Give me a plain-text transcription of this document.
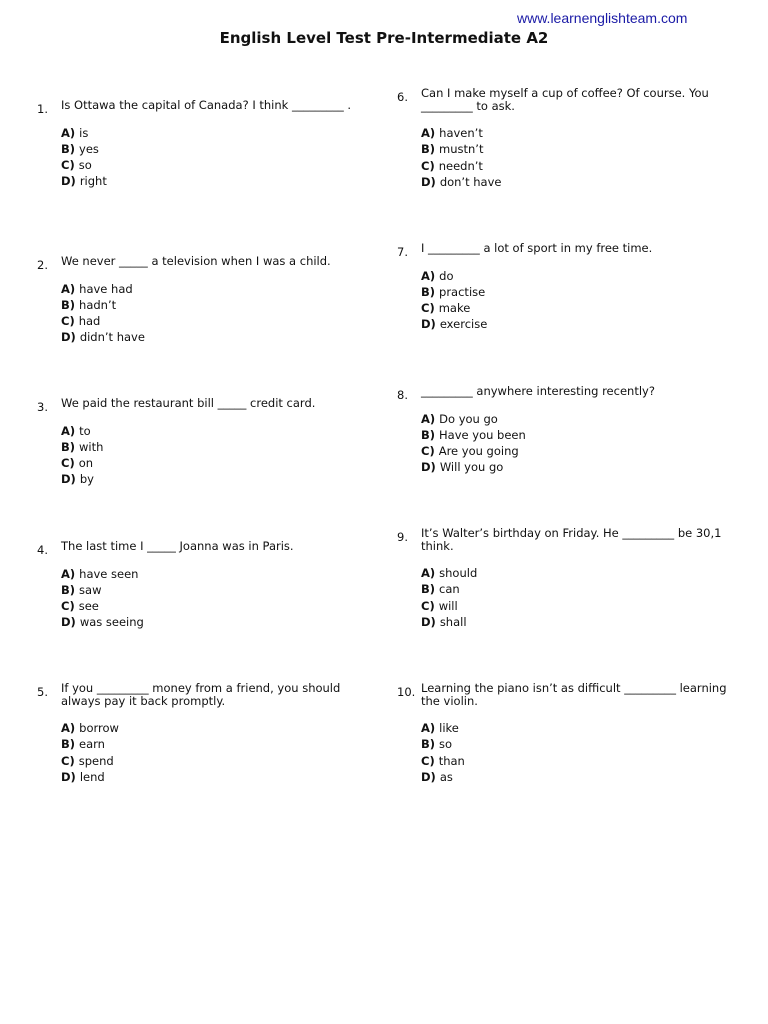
www.learnenglishteam.com
English Level Test Pre-Intermediate A2
1. Is Ottawa the capital of Canada? I think _________ .
A) is
B) yes
C) so
D) right
2. We never _____ a television when I was a child.
A) have had
B) hadn’t
C) had
D) didn’t have
3. We paid the restaurant bill _____ credit card.
A) to
B) with
C) on
D) by
4. The last time I _____ Joanna was in Paris.
A) have seen
B) saw
C) see
D) was seeing
5. If you _________ money from a friend, you should always pay it back promptly.
A) borrow
B) earn
C) spend
D) lend
6. Can I make myself a cup of coffee? Of course. You _________ to ask.
A) haven’t
B) mustn’t
C) needn’t
D) don’t have
7. I _________ a lot of sport in my free time.
A) do
B) practise
C) make
D) exercise
8. _________ anywhere interesting recently?
A) Do you go
B) Have you been
C) Are you going
D) Will you go
9. It’s Walter’s birthday on Friday. He _________ be 30,1 think.
A) should
B) can
C) will
D) shall
10. Learning the piano isn’t as difficult _________ learning the violin.
A) like
B) so
C) than
D) as
